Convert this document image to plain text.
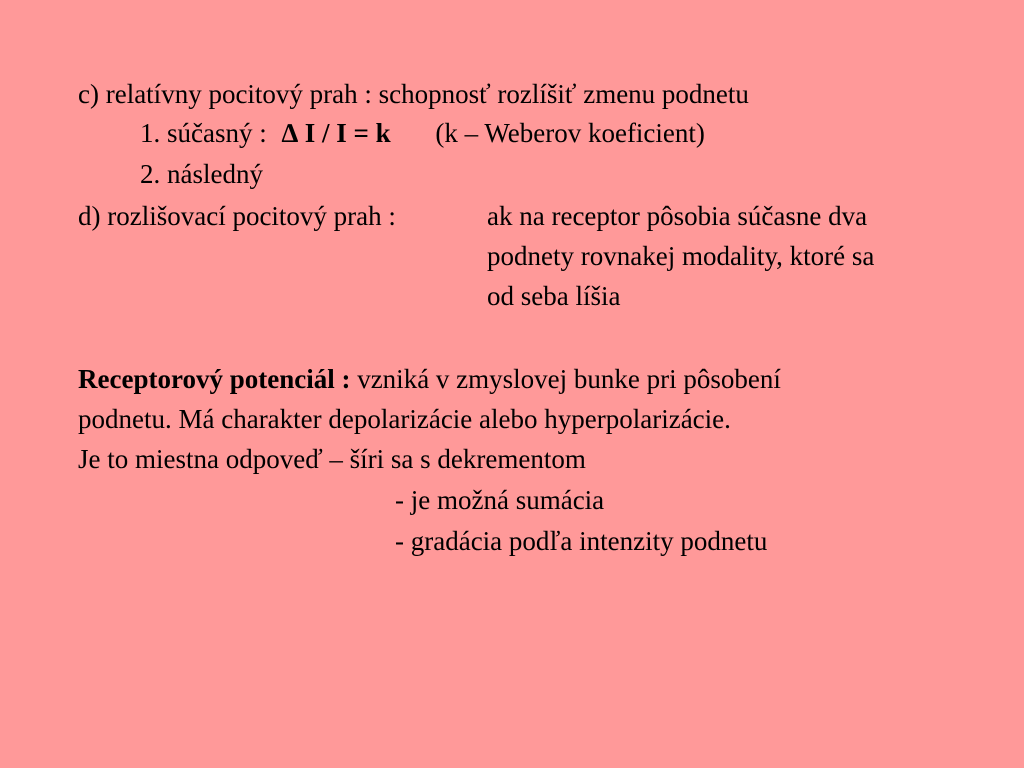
c) relatívny pocitový prah : schopnosť rozlíšiť zmenu podnetu
1. súčasný : ∆ I / I = k (k – Weberov koeficient)
2. následný
d) rozlišovací pocitový prah :	ak na receptor pôsobia súčasne dva
podnety rovnakej modality, ktoré sa
od seba líšia
Receptorový potenciál : vzniká v zmyslovej bunke pri pôsobení
podnetu. Má charakter depolarizácie alebo hyperpolarizácie.
Je to miestna odpoveď – šíri sa s dekrementom
- je možná sumácia
- gradácia podľa intenzity podnetu
